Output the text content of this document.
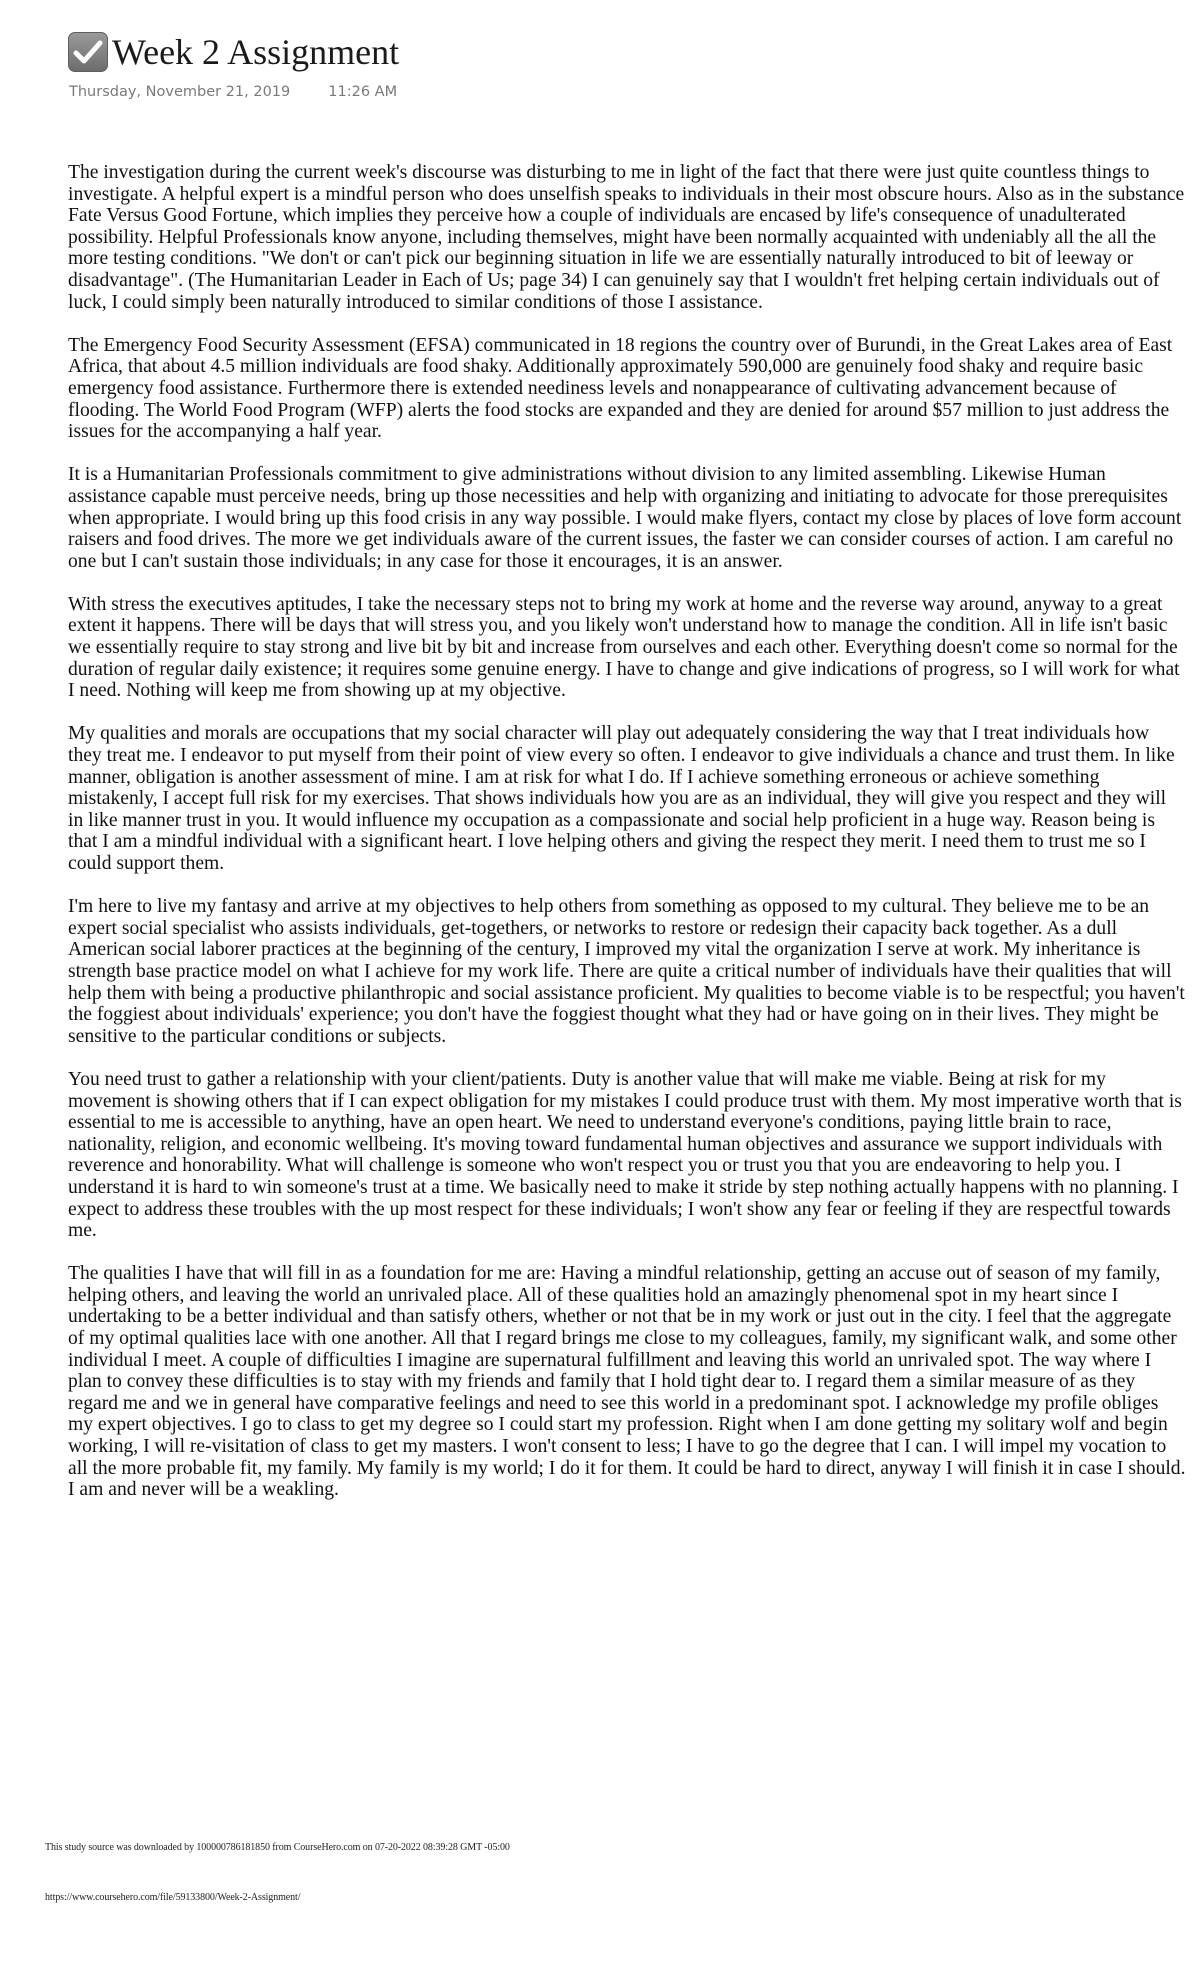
Week 2 Assignment
Thursday, November 21, 2019	11:26 AM

The investigation during the current week's discourse was disturbing to me in light of the fact that there were just quite countless things to investigate. A helpful expert is a mindful person who does unselfish speaks to individuals in their most obscure hours. Also as in the substance Fate Versus Good Fortune, which implies they perceive how a couple of individuals are encased by life's consequence of unadulterated possibility. Helpful Professionals know anyone, including themselves, might have been normally acquainted with undeniably all the all the more testing conditions. "We don't or can't pick our beginning situation in life we are essentially naturally introduced to bit of leeway or disadvantage". (The Humanitarian Leader in Each of Us; page 34) I can genuinely say that I wouldn't fret helping certain individuals out of luck, I could simply been naturally introduced to similar conditions of those I assistance.

The Emergency Food Security Assessment (EFSA) communicated in 18 regions the country over of Burundi, in the Great Lakes area of East Africa, that about 4.5 million individuals are food shaky. Additionally approximately 590,000 are genuinely food shaky and require basic emergency food assistance. Furthermore there is extended neediness levels and nonappearance of cultivating advancement because of flooding. The World Food Program (WFP) alerts the food stocks are expanded and they are denied for around $57 million to just address the issues for the accompanying a half year.

It is a Humanitarian Professionals commitment to give administrations without division to any limited assembling. Likewise Human assistance capable must perceive needs, bring up those necessities and help with organizing and initiating to advocate for those prerequisites when appropriate. I would bring up this food crisis in any way possible. I would make flyers, contact my close by places of love form account raisers and food drives. The more we get individuals aware of the current issues, the faster we can consider courses of action. I am careful no one but I can't sustain those individuals; in any case for those it encourages, it is an answer.

With stress the executives aptitudes, I take the necessary steps not to bring my work at home and the reverse way around, anyway to a great extent it happens. There will be days that will stress you, and you likely won't understand how to manage the condition. All in life isn't basic we essentially require to stay strong and live bit by bit and increase from ourselves and each other. Everything doesn't come so normal for the duration of regular daily existence; it requires some genuine energy. I have to change and give indications of progress, so I will work for what I need. Nothing will keep me from showing up at my objective.

My qualities and morals are occupations that my social character will play out adequately considering the way that I treat individuals how they treat me. I endeavor to put myself from their point of view every so often. I endeavor to give individuals a chance and trust them. In like manner, obligation is another assessment of mine. I am at risk for what I do. If I achieve something erroneous or achieve something mistakenly, I accept full risk for my exercises. That shows individuals how you are as an individual, they will give you respect and they will in like manner trust in you. It would influence my occupation as a compassionate and social help proficient in a huge way. Reason being is that I am a mindful individual with a significant heart. I love helping others and giving the respect they merit. I need them to trust me so I could support them.

I'm here to live my fantasy and arrive at my objectives to help others from something as opposed to my cultural. They believe me to be an expert social specialist who assists individuals, get-togethers, or networks to restore or redesign their capacity back together. As a dull American social laborer practices at the beginning of the century, I improved my vital the organization I serve at work. My inheritance is strength base practice model on what I achieve for my work life. There are quite a critical number of individuals have their qualities that will help them with being a productive philanthropic and social assistance proficient. My qualities to become viable is to be respectful; you haven't the foggiest about individuals' experience; you don't have the foggiest thought what they had or have going on in their lives. They might be sensitive to the particular conditions or subjects.

You need trust to gather a relationship with your client/patients. Duty is another value that will make me viable. Being at risk for my movement is showing others that if I can expect obligation for my mistakes I could produce trust with them. My most imperative worth that is essential to me is accessible to anything, have an open heart. We need to understand everyone's conditions, paying little brain to race, nationality, religion, and economic wellbeing. It's moving toward fundamental human objectives and assurance we support individuals with reverence and honorability. What will challenge is someone who won't respect you or trust you that you are endeavoring to help you. I understand it is hard to win someone's trust at a time. We basically need to make it stride by step nothing actually happens with no planning. I expect to address these troubles with the up most respect for these individuals; I won't show any fear or feeling if they are respectful towards me.

The qualities I have that will fill in as a foundation for me are: Having a mindful relationship, getting an accuse out of season of my family, helping others, and leaving the world an unrivaled place. All of these qualities hold an amazingly phenomenal spot in my heart since I undertaking to be a better individual and than satisfy others, whether or not that be in my work or just out in the city. I feel that the aggregate of my optimal qualities lace with one another. All that I regard brings me close to my colleagues, family, my significant walk, and some other individual I meet. A couple of difficulties I imagine are supernatural fulfillment and leaving this world an unrivaled spot. The way where I plan to convey these difficulties is to stay with my friends and family that I hold tight dear to. I regard them a similar measure of as they regard me and we in general have comparative feelings and need to see this world in a predominant spot. I acknowledge my profile obliges my expert objectives. I go to class to get my degree so I could start my profession. Right when I am done getting my solitary wolf and begin working, I will re-visitation of class to get my masters. I won't consent to less; I have to go the degree that I can. I will impel my vocation to all the more probable fit, my family. My family is my world; I do it for them. It could be hard to direct, anyway I will finish it in case I should. I am and never will be a weakling.

This study source was downloaded by 100000786181850 from CourseHero.com on 07-20-2022 08:39:28 GMT -05:00
https://www.coursehero.com/file/59133800/Week-2-Assignment/
